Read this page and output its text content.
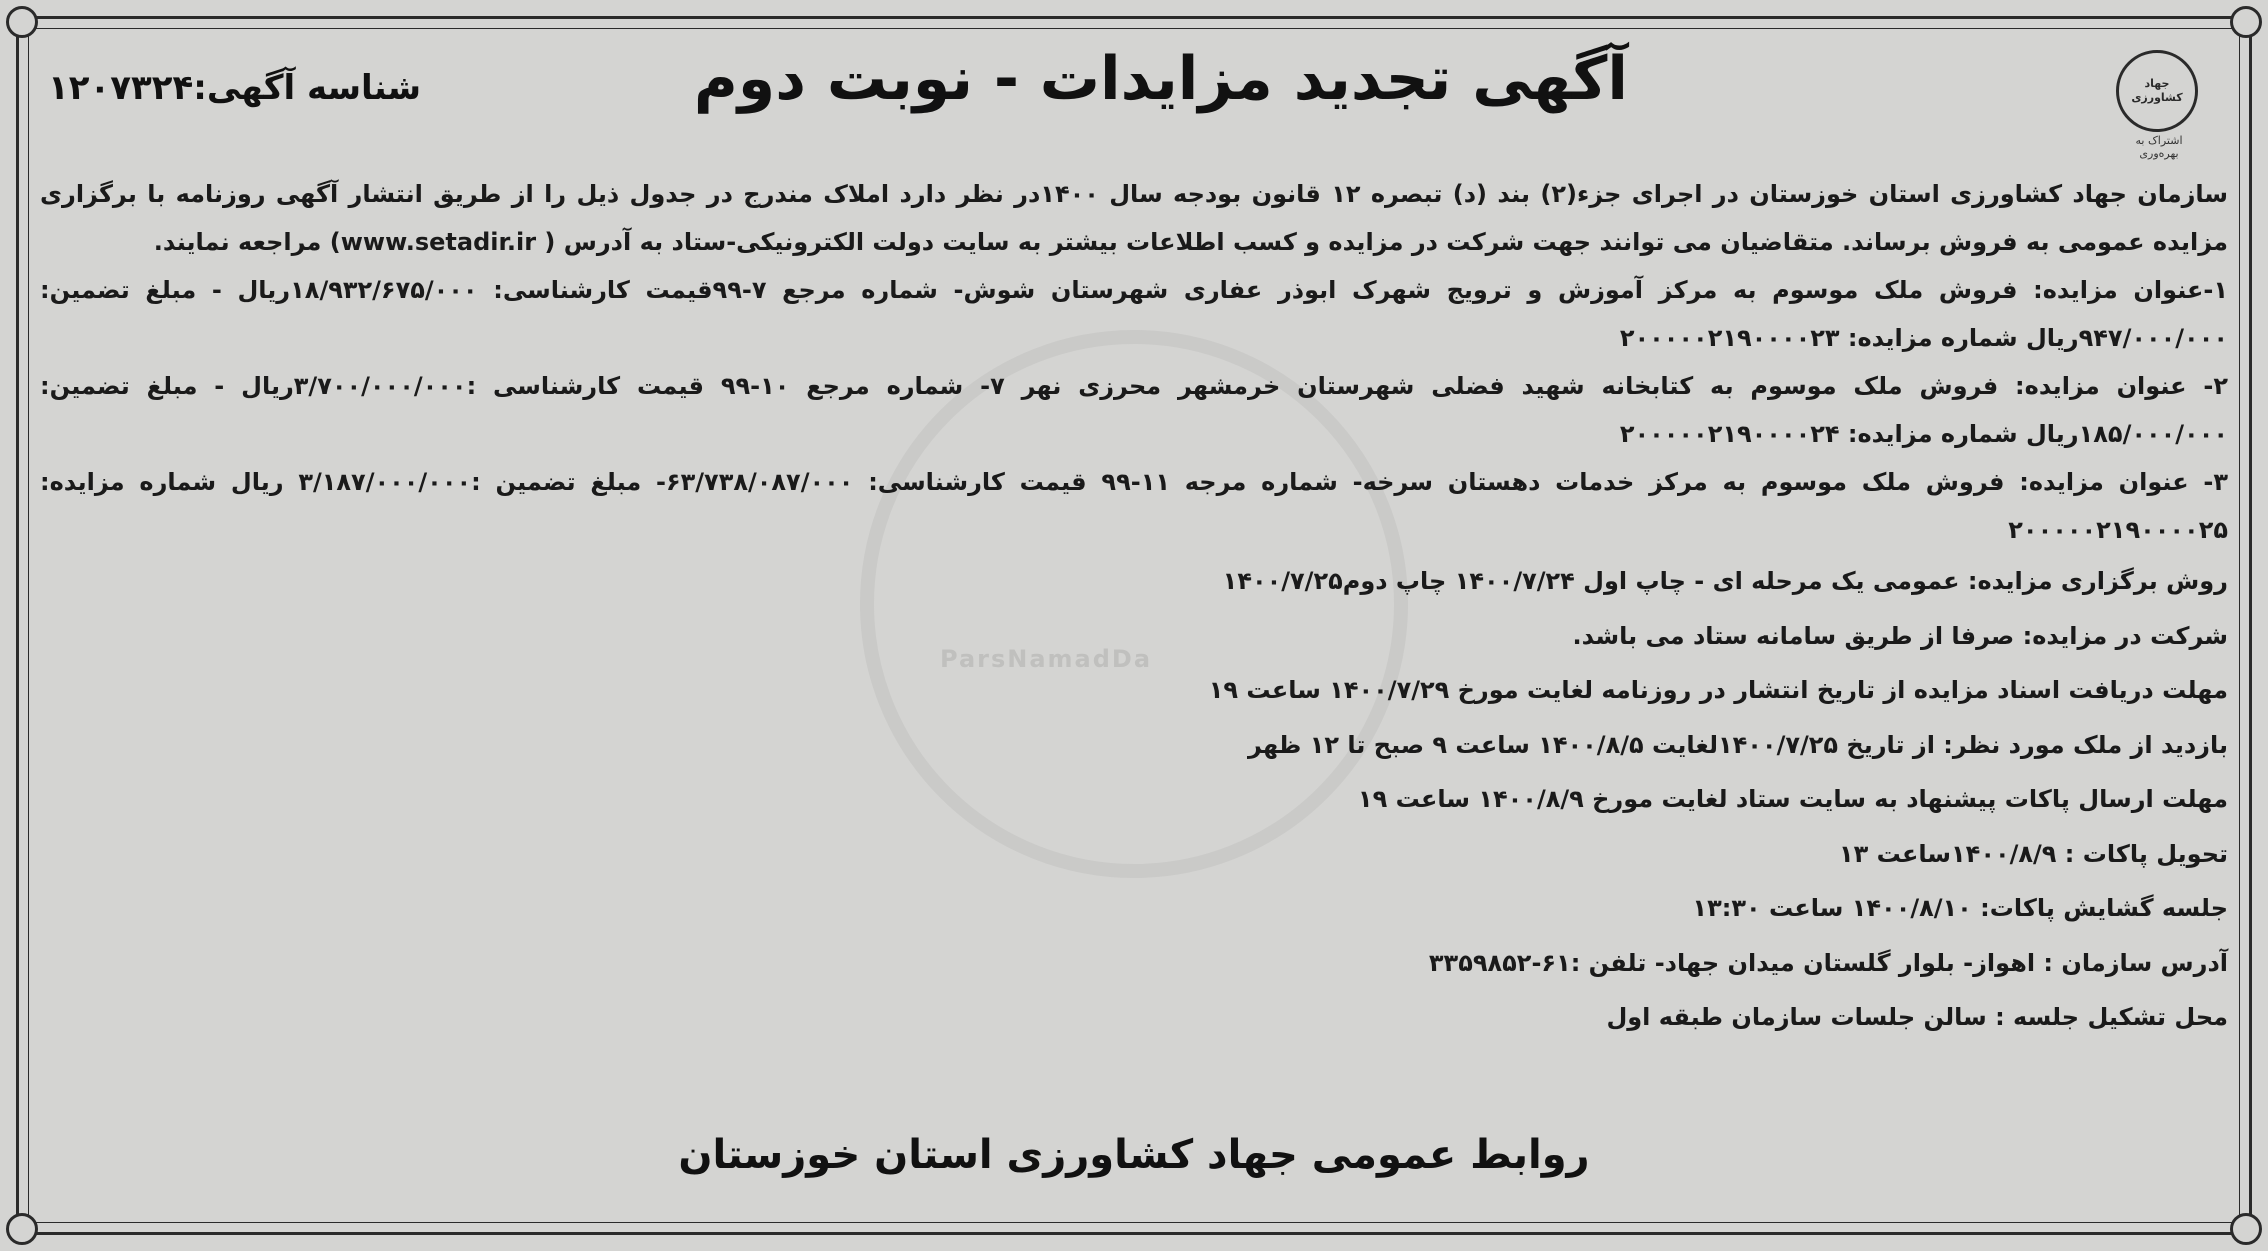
ParsNamadDa
جهاد کشاورزی
اشتراک به بهره‌وری
آگهی تجدید مزایدات - نوبت دوم
شناسه آگهی:۱۲۰۷۳۲۴

سازمان جهاد کشاورزی استان خوزستان در اجرای جزء(۲) بند (د) تبصره ۱۲ قانون بودجه سال ۱۴۰۰در نظر دارد املاک مندرج در جدول ذیل را از طریق انتشار آگهی روزنامه با برگزاری مزایده عمومی به فروش برساند. متقاضیان می توانند جهت شرکت در مزایده و کسب اطلاعات بیشتر به سایت دولت الکترونیکی-ستاد به آدرس ( www.setadir.ir) مراجعه نمایند.

۱-عنوان مزایده: فروش ملک موسوم به مرکز آموزش و ترویج شهرک ابوذر عفاری شهرستان شوش- شماره مرجع ۷-۹۹قیمت کارشناسی: ۱۸/۹۳۲/۶۷۵/۰۰۰ریال - مبلغ تضمین: ۹۴۷/۰۰۰/۰۰۰ریال شماره مزایده: ۲۰۰۰۰۰۲۱۹۰۰۰۰۲۳

۲- عنوان مزایده: فروش ملک موسوم به کتابخانه شهید فضلی شهرستان خرمشهر محرزی نهر ۷- شماره مرجع ۱۰-۹۹ قیمت کارشناسی :۳/۷۰۰/۰۰۰/۰۰۰ریال - مبلغ تضمین: ۱۸۵/۰۰۰/۰۰۰ریال شماره مزایده: ۲۰۰۰۰۰۲۱۹۰۰۰۰۲۴

۳- عنوان مزایده: فروش ملک موسوم به مرکز خدمات دهستان سرخه- شماره مرجه ۱۱-۹۹ قیمت کارشناسی: ۶۳/۷۳۸/۰۸۷/۰۰۰- مبلغ تضمین :۳/۱۸۷/۰۰۰/۰۰۰ ریال شماره مزایده: ۲۰۰۰۰۰۲۱۹۰۰۰۰۲۵

روش برگزاری مزایده: عمومی یک مرحله ای - چاپ اول ۱۴۰۰/۷/۲۴ چاپ دوم۱۴۰۰/۷/۲۵

شرکت در مزایده: صرفا از طریق سامانه ستاد می باشد.

مهلت دریافت اسناد مزایده از تاریخ انتشار در روزنامه لغایت مورخ ۱۴۰۰/۷/۲۹ ساعت ۱۹

بازدید از ملک مورد نظر: از تاریخ ۱۴۰۰/۷/۲۵لغایت ۱۴۰۰/۸/۵ ساعت ۹ صبح تا ۱۲ ظهر

مهلت ارسال پاکات پیشنهاد به سایت ستاد لغایت مورخ ۱۴۰۰/۸/۹ ساعت ۱۹

تحویل پاکات : ۱۴۰۰/۸/۹ساعت ۱۳

جلسه گشایش پاکات: ۱۴۰۰/۸/۱۰ ساعت ۱۳:۳۰

آدرس سازمان : اهواز- بلوار گلستان میدان جهاد- تلفن :۶۱-۳۳۵۹۸۵۲

محل تشکیل جلسه : سالن جلسات سازمان طبقه اول

روابط عمومی جهاد کشاورزی استان خوزستان
